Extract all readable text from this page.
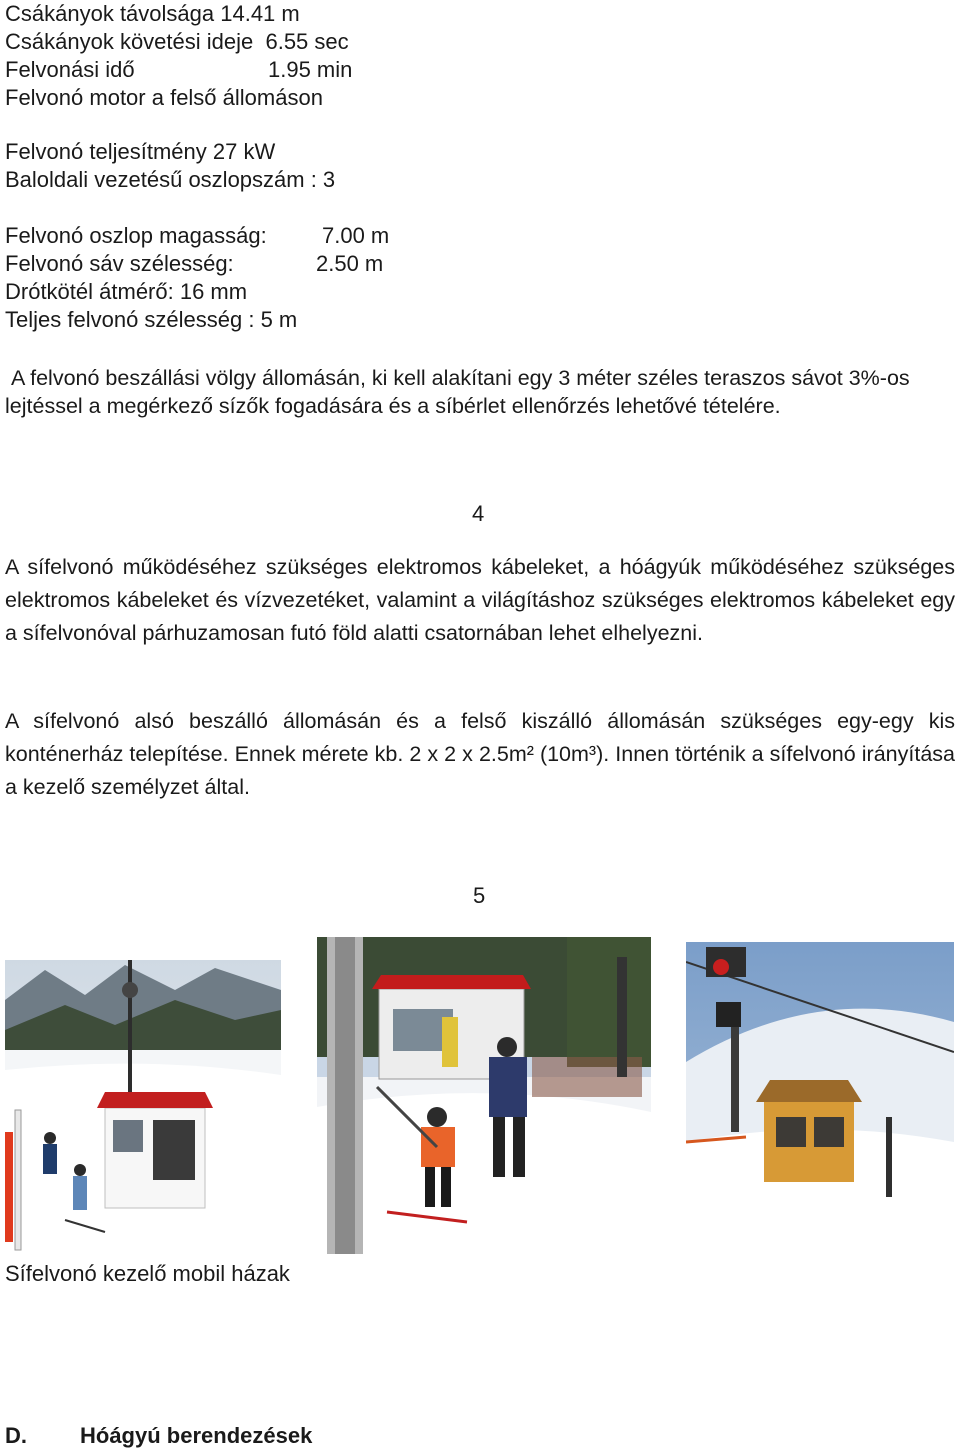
Csákányok távolsága 14.41 m
Csákányok követési ideje  6.55 sec
Felvonási idő	1.95 min
Felvonó motor a felső állomáson
Felvonó teljesítmény 27 kW
Baloldali vezetésű oszlopszám : 3
Felvonó oszlop magasság:	7.00 m
Felvonó sáv szélesség:	2.50 m
Drótkötél átmérő: 16 mm
Teljes felvonó szélesség : 5 m
A felvonó beszállási völgy állomásán, ki kell alakítani egy 3 méter széles teraszos sávot 3%-os lejtéssel a megérkező sízők fogadására és a síbérlet ellenőrzés lehetővé tételére.
4
A sífelvonó működéséhez szükséges elektromos kábeleket, a hóágyúk működéséhez szükséges elektromos kábeleket és vízvezetéket, valamint a világításhoz szükséges elektromos kábeleket egy a sífelvonóval párhuzamosan futó föld alatti csatornában lehet elhelyezni.
A sífelvonó alsó beszálló állomásán és a felső kiszálló állomásán szükséges egy-egy kis konténerház telepítése. Ennek mérete kb. 2 x 2 x 2.5m² (10m³). Innen történik a sífelvonó irányítása a kezelő személyzet által.
5
Sífelvonó kezelő mobil házak
D. Hóágyú berendezések
